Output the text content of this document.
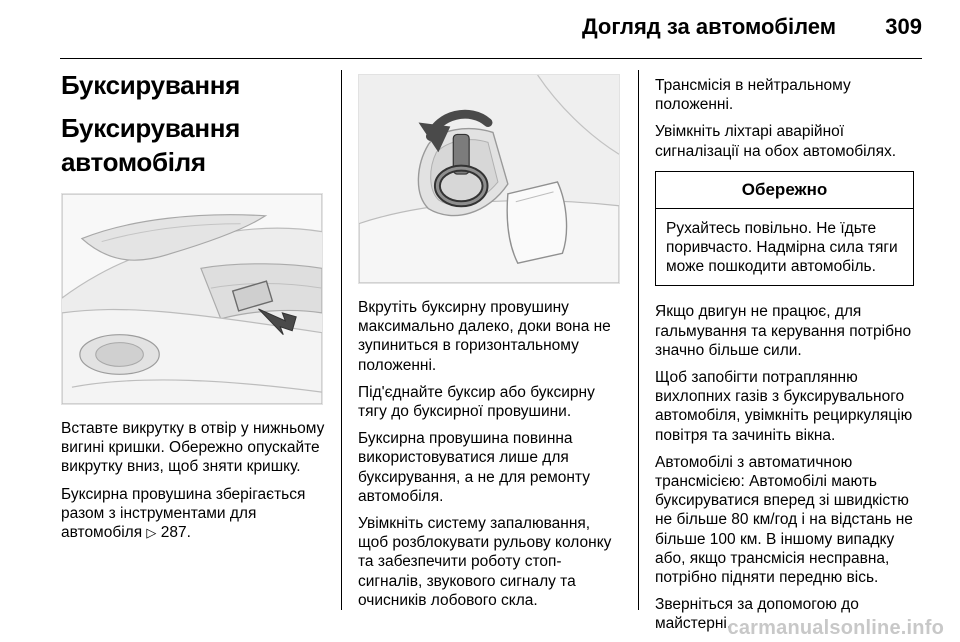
Догляд за автомобілем 309
Буксирування
Буксирування
автомобіля

Вставте викрутку в отвір у нижньому вигині кришки. Обережно опускайте викрутку вниз, щоб зняти кришку.

Буксирна провушина зберігається разом з інструментами для автомобіля ▷ 287.

Вкрутіть буксирну провушину максимально далеко, доки вона не зупиниться в горизонтальному положенні.

Під'єднайте буксир або буксирну тягу до буксирної провушини.

Буксирна провушина повинна використовуватися лише для буксирування, а не для ремонту автомобіля.

Увімкніть систему запалювання, щоб розблокувати рульову колонку та забезпечити роботу стоп-сигналів, звукового сигналу та очисників лобового скла.

Трансмісія в нейтральному положенні.

Увімкніть ліхтарі аварійної сигналізації на обох автомобілях.

Обережно
Рухайтесь повільно. Не їдьте поривчасто. Надмірна сила тяги може пошкодити автомобіль.

Якщо двигун не працює, для гальмування та керування потрібно значно більше сили.

Щоб запобігти потраплянню вихлопних газів з буксирувального автомобіля, увімкніть рециркуляцію повітря та зачиніть вікна.

Автомобілі з автоматичною трансмісією: Автомобілі мають буксируватися вперед зі швидкістю не більше 80 км/год і на відстань не більше 100 км. В іншому випадку або, якщо трансмісія несправна, потрібно підняти передню вісь.

Зверніться за допомогою до майстерні.

carmanualsonline.info
